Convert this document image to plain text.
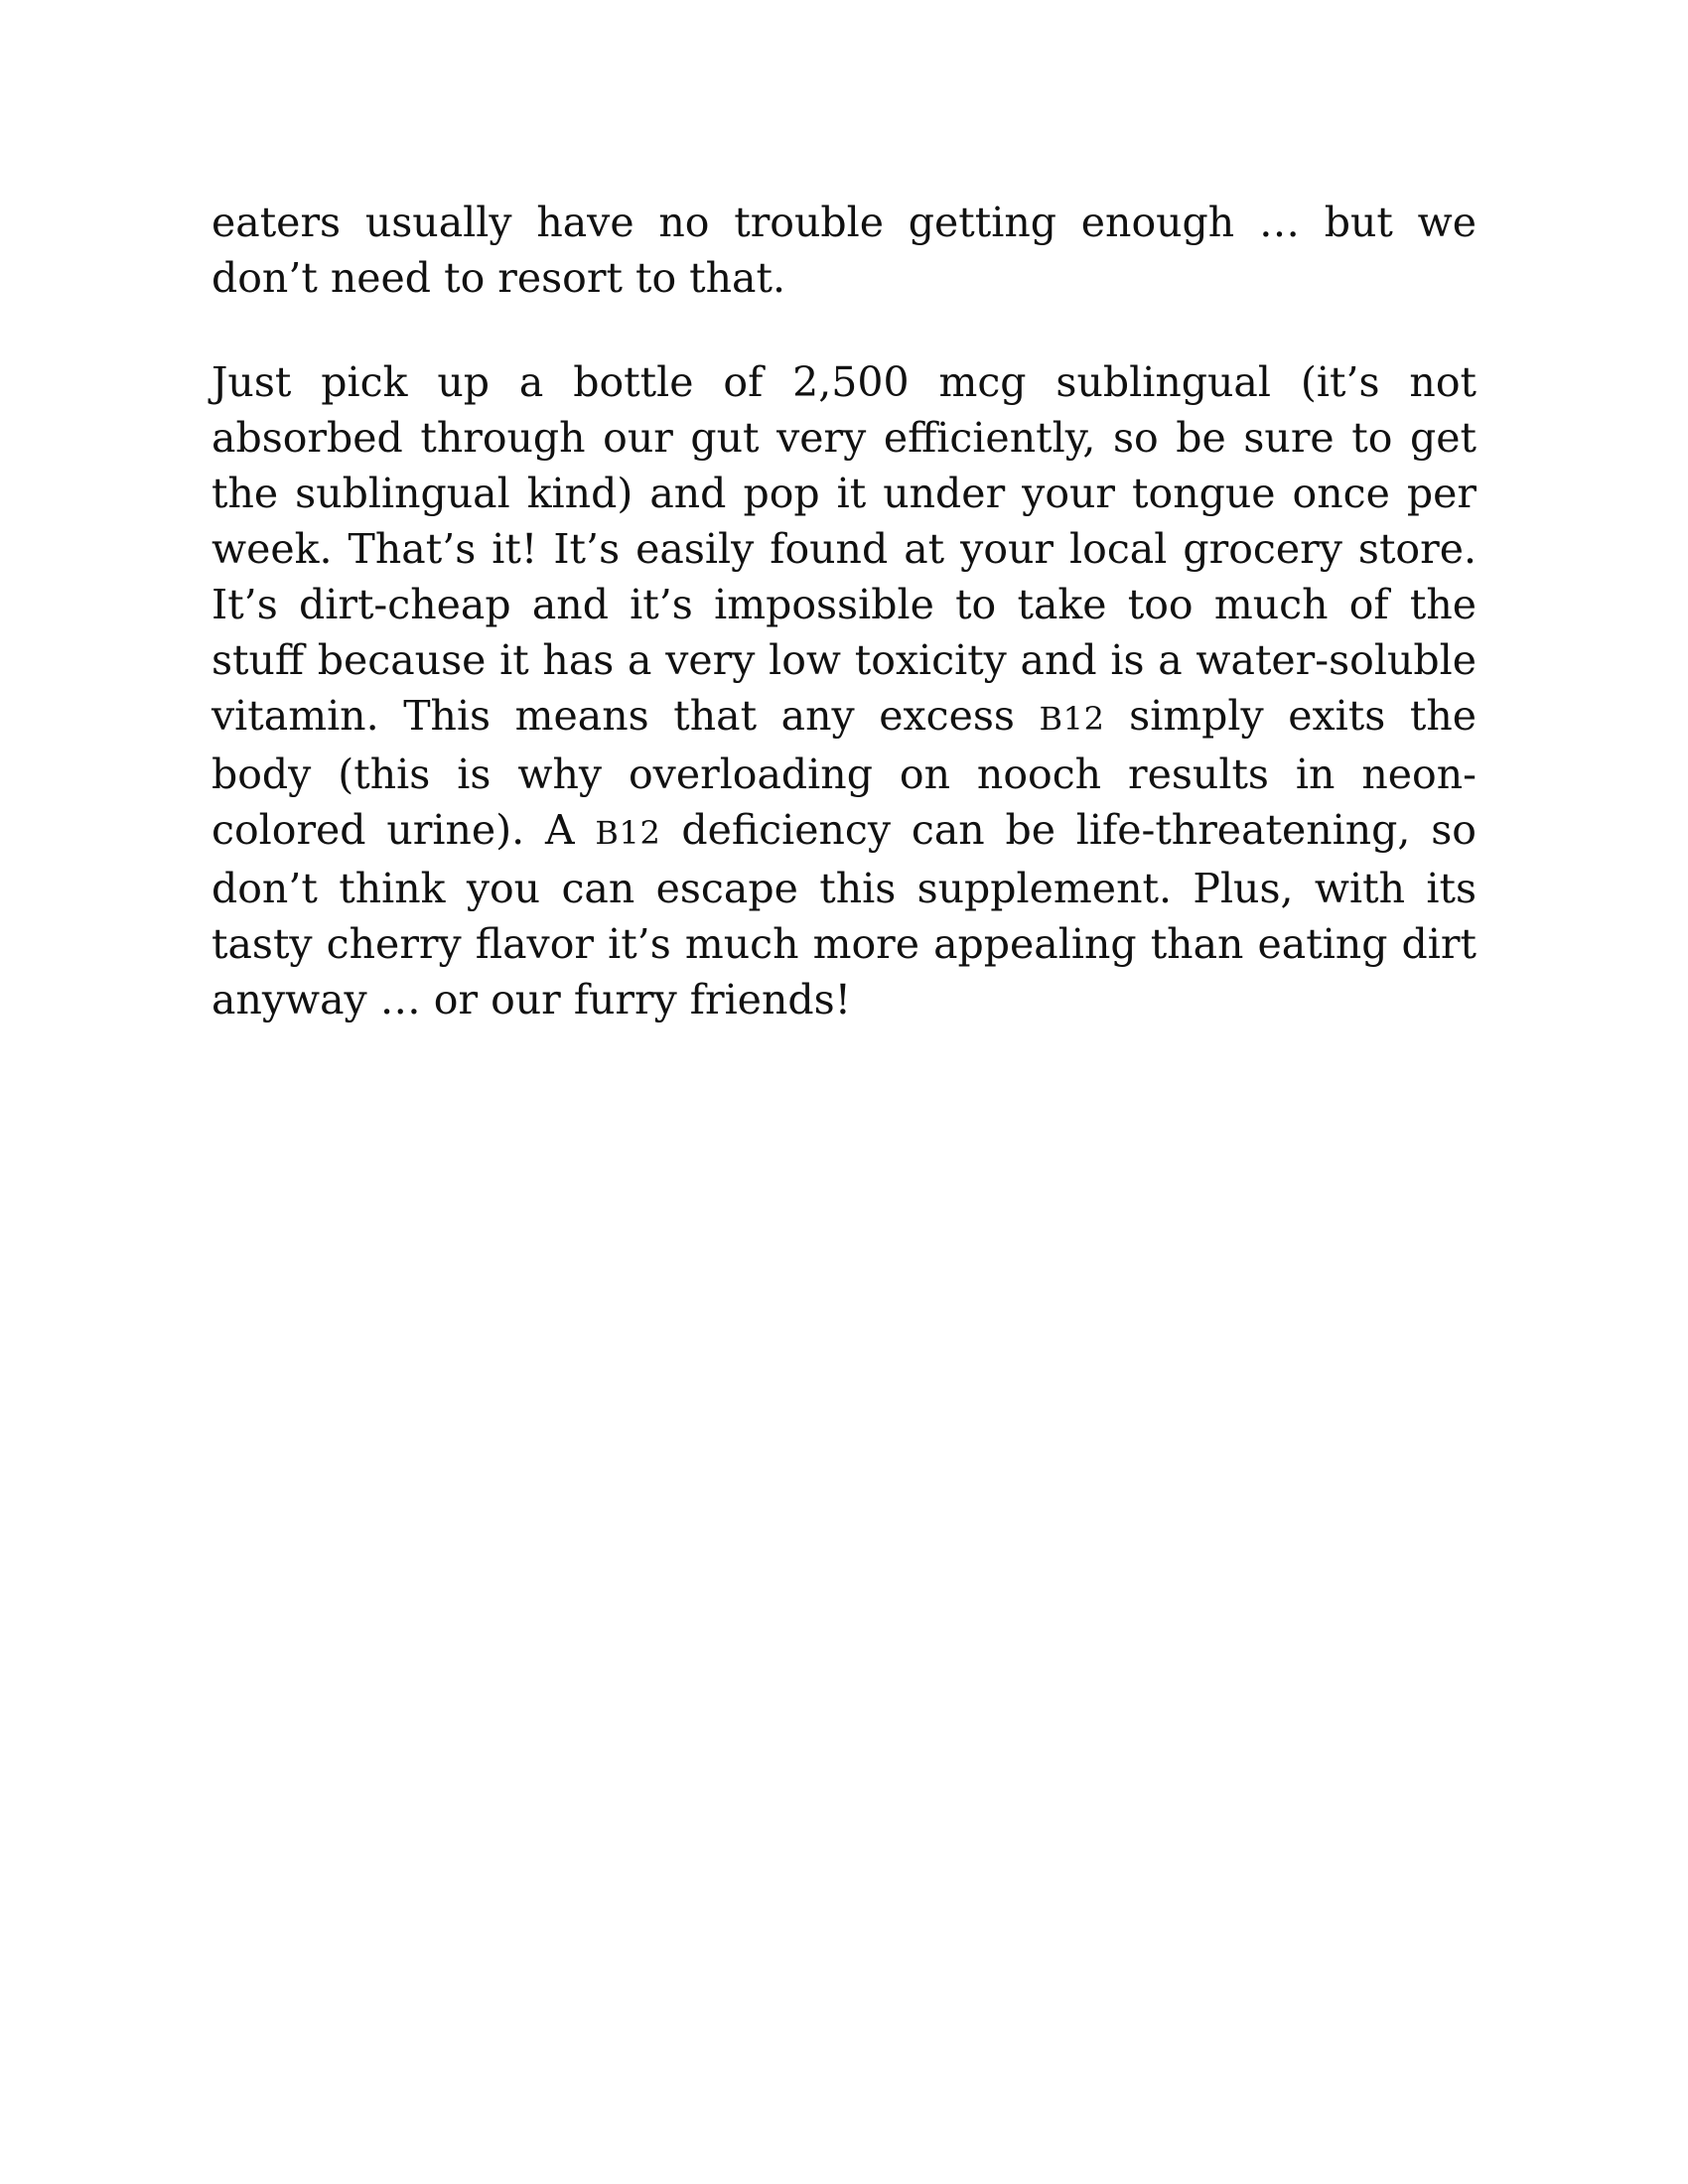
eaters usually have no trouble getting enough … but we don’t need to resort to that.

Just pick up a bottle of 2,500 mcg sublingual (it’s not absorbed through our gut very efficiently, so be sure to get the sublingual kind) and pop it under your tongue once per week. That’s it! It’s easily found at your local grocery store. It’s dirt-cheap and it’s impossible to take too much of the stuff because it has a very low toxicity and is a water-soluble vitamin. This means that any excess B12 simply exits the body (this is why overloading on nooch results in neon-colored urine). A B12 deficiency can be life-threatening, so don’t think you can escape this supplement. Plus, with its tasty cherry flavor it’s much more appealing than eating dirt anyway … or our furry friends!
